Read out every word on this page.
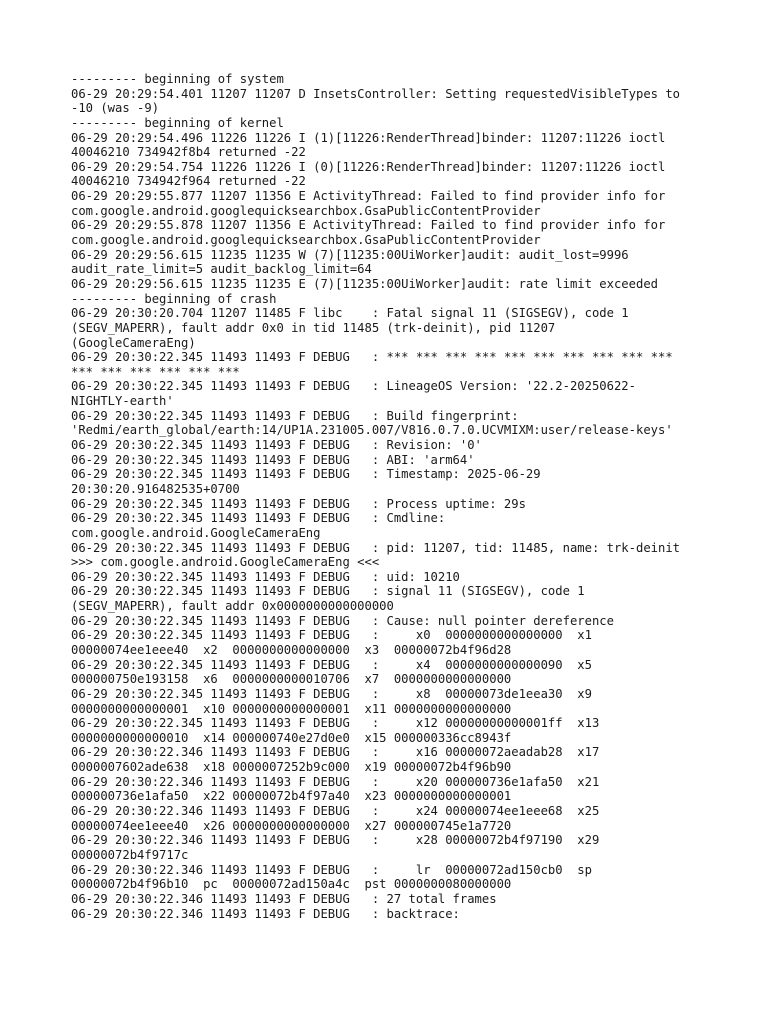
--------- beginning of system
06-29 20:29:54.401 11207 11207 D InsetsController: Setting requestedVisibleTypes to
-10 (was -9)
--------- beginning of kernel
06-29 20:29:54.496 11226 11226 I (1)[11226:RenderThread]binder: 11207:11226 ioctl
40046210 734942f8b4 returned -22
06-29 20:29:54.754 11226 11226 I (0)[11226:RenderThread]binder: 11207:11226 ioctl
40046210 734942f964 returned -22
06-29 20:29:55.877 11207 11356 E ActivityThread: Failed to find provider info for
com.google.android.googlequicksearchbox.GsaPublicContentProvider
06-29 20:29:55.878 11207 11356 E ActivityThread: Failed to find provider info for
com.google.android.googlequicksearchbox.GsaPublicContentProvider
06-29 20:29:56.615 11235 11235 W (7)[11235:00UiWorker]audit: audit_lost=9996
audit_rate_limit=5 audit_backlog_limit=64
06-29 20:29:56.615 11235 11235 E (7)[11235:00UiWorker]audit: rate limit exceeded
--------- beginning of crash
06-29 20:30:20.704 11207 11485 F libc    : Fatal signal 11 (SIGSEGV), code 1
(SEGV_MAPERR), fault addr 0x0 in tid 11485 (trk-deinit), pid 11207
(GoogleCameraEng)
06-29 20:30:22.345 11493 11493 F DEBUG   : *** *** *** *** *** *** *** *** *** ***
*** *** *** *** *** ***
06-29 20:30:22.345 11493 11493 F DEBUG   : LineageOS Version: '22.2-20250622-
NIGHTLY-earth'
06-29 20:30:22.345 11493 11493 F DEBUG   : Build fingerprint:
'Redmi/earth_global/earth:14/UP1A.231005.007/V816.0.7.0.UCVMIXM:user/release-keys'
06-29 20:30:22.345 11493 11493 F DEBUG   : Revision: '0'
06-29 20:30:22.345 11493 11493 F DEBUG   : ABI: 'arm64'
06-29 20:30:22.345 11493 11493 F DEBUG   : Timestamp: 2025-06-29
20:30:20.916482535+0700
06-29 20:30:22.345 11493 11493 F DEBUG   : Process uptime: 29s
06-29 20:30:22.345 11493 11493 F DEBUG   : Cmdline:
com.google.android.GoogleCameraEng
06-29 20:30:22.345 11493 11493 F DEBUG   : pid: 11207, tid: 11485, name: trk-deinit
>>> com.google.android.GoogleCameraEng <<<
06-29 20:30:22.345 11493 11493 F DEBUG   : uid: 10210
06-29 20:30:22.345 11493 11493 F DEBUG   : signal 11 (SIGSEGV), code 1
(SEGV_MAPERR), fault addr 0x0000000000000000
06-29 20:30:22.345 11493 11493 F DEBUG   : Cause: null pointer dereference
06-29 20:30:22.345 11493 11493 F DEBUG   :     x0  0000000000000000  x1
00000074ee1eee40  x2  0000000000000000  x3  00000072b4f96d28
06-29 20:30:22.345 11493 11493 F DEBUG   :     x4  0000000000000090  x5
000000750e193158  x6  0000000000010706  x7  0000000000000000
06-29 20:30:22.345 11493 11493 F DEBUG   :     x8  00000073de1eea30  x9
0000000000000001  x10 0000000000000001  x11 0000000000000000
06-29 20:30:22.345 11493 11493 F DEBUG   :     x12 00000000000001ff  x13
0000000000000010  x14 000000740e27d0e0  x15 000000336cc8943f
06-29 20:30:22.346 11493 11493 F DEBUG   :     x16 00000072aeadab28  x17
0000007602ade638  x18 0000007252b9c000  x19 00000072b4f96b90
06-29 20:30:22.346 11493 11493 F DEBUG   :     x20 000000736e1afa50  x21
000000736e1afa50  x22 00000072b4f97a40  x23 0000000000000001
06-29 20:30:22.346 11493 11493 F DEBUG   :     x24 00000074ee1eee68  x25
00000074ee1eee40  x26 0000000000000000  x27 000000745e1a7720
06-29 20:30:22.346 11493 11493 F DEBUG   :     x28 00000072b4f97190  x29
00000072b4f9717c
06-29 20:30:22.346 11493 11493 F DEBUG   :     lr  00000072ad150cb0  sp
00000072b4f96b10  pc  00000072ad150a4c  pst 0000000080000000
06-29 20:30:22.346 11493 11493 F DEBUG   : 27 total frames
06-29 20:30:22.346 11493 11493 F DEBUG   : backtrace:
